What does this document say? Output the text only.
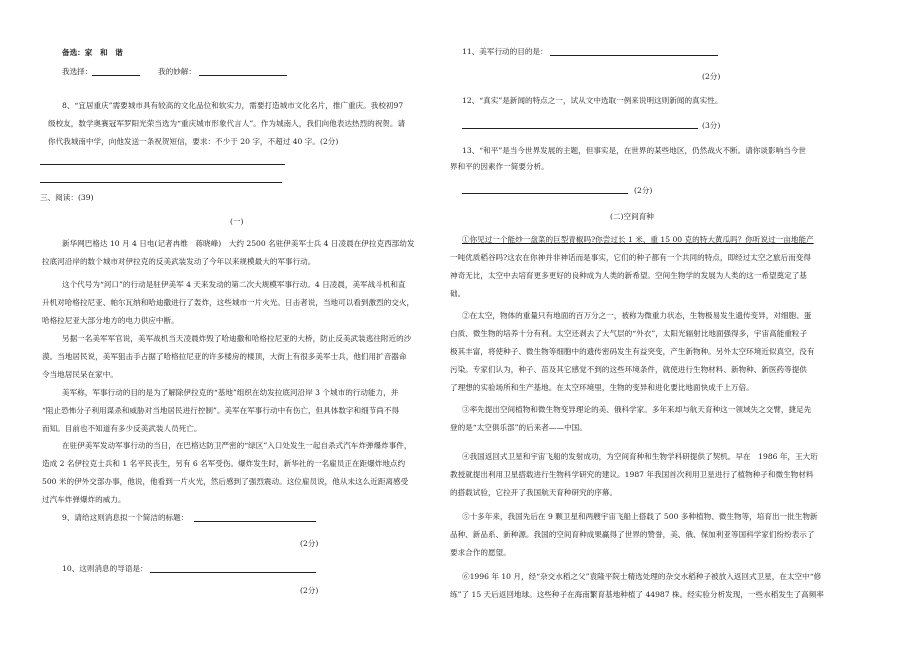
备选：家　和　谐
我选择：	我的妙解：
8、“宜居重庆”需要城市具有较高的文化品位和软实力，需要打造城市文化名片，推广重庆。我校初97
级校友，数学奥赛冠军罗阳光荣当选为“重庆城市形象代言人”。作为城南人，我们向他表达热烈的祝贺。请
你代我城南中学，向他发送一条祝贺短信，要求：不少于 20 字，不超过 40 字。(2分)
三、阅读：(39)
(一)
新华网巴格达 10 月 4 日电(记者冉维　蒋晓峰)　大约 2500 名驻伊美军士兵 4 日凌晨在伊拉克西部幼发
拉底河沿岸的数个城市对伊拉克的反美武装发动了今年以来规模最大的军事行动。
这个代号为“河口”的行动是驻伊美军 4 天来发动的第二次大规模军事行动。4 日凌晨，美军战斗机和直
升机对哈格拉尼亚、帕尔瓦纳和哈迪撒进行了轰炸，这些城市一片火光。日击者说，当地可以看到激烈的交火，
哈格拉尼亚大部分地方的电力供应中断。
另据一名美军军官说，美军战机当天凌晨炸毁了哈迪撒和哈格拉尼亚的大桥，防止反美武装逃往附近的沙
漠。当地居民说，美军狙击手占据了哈格拉尼亚的许多楼房的楼顶，大街上有很多美军士兵，他们用扩音器命
令当地居民呆在家中。
美军称，军事行动的目的是为了解除伊拉克的“基地”组织在幼发拉底河沿岸 3 个城市的行动能力，并
“阻止恐怖分子利用谋杀和威胁对当地居民进行控制”。美军在军事行动中有伤亡，但具体数字和细节尚不得
而知。目前也不知道有多少反美武装人员死亡。
在驻伊美军发动军事行动的当日，在巴格达防卫严密的“绿区”入口处发生一起自杀式汽车炸弹爆炸事件，
造成 2 名伊拉克士兵和 1 名平民丧生，另有 6 名军受伤。爆炸发生时，新华社的一名雇员正在距爆炸地点约
500 米的伊外交部办事，他说，他看到一片火光，然后感到了强烈震动。这位雇员说，他从未这么近距离感受
过汽车炸弹爆炸的威力。
9、请给这则消息拟一个简洁的标题：
(2分)
10、这则消息的导语是：
(2分)
11、美军行动的目的是：
(2分)
12、“真实”是新闻的特点之一，试从文中选取一例来说明这则新闻的真实性。
(3分)
13、“和平”是当今世界发展的主题，但事实是，在世界的某些地区，仍然战火不断。请你谈影响当今世
界和平的因素作一简要分析。
(2分)
(二)空间育种
①你见过一个能炒一盘菜的巨型青椒吗?你尝过长 1 米、重 15 00 克的特大黄瓜吗？你听说过一亩地能产
一吨优质稻谷吗?这农在你神并非神话而是事实，它们的种子都有一个共同的特点，即经过太空之旅后而变得
神奇无比，太空中去培育更多更好的良种成为人类的新希望。空间生物学的发展为人类的这一希望奠定了基
础。
②在太空，物体的重量只有地面的百万分之一，被称为微重力状态，生物极易发生遗传变异，对细胞、蛋
白质、微生物的培养十分有利。太空还剥去了大气层的“外衣”，太阳光辐射比地面强得多，宇宙高能重粒子
极其丰富，将使种子、微生物等细胞中的遗传密码发生有益突变，产生新物种。另外太空环境近似真空，没有
污染。专家们认为，种子、苗及其它感觉不到的这些环境条件，就使进行生物材料、新物种、新医药等提供
了理想的实验场所和生产基地。在太空环境里，生物的变异和进化要比地面快成千上万倍。
③率先提出空间植物和微生物变异理论的美、俄科学家。多年来却与航天育种这一领域失之交臂，捷足先
登的是“太空俱乐部”的后来者——中国。
④我国返回式卫星和宇宙飞船的发射成功，为空间育种和生物学科研提供了契机。早在　1986 年，王大珩
教授就提出利用卫星搭载进行生物科学研究的建议。1987 年我国首次利用卫星进行了植物种子和微生物材料
的搭载试验，它拉开了我国航天育种研究的序幕。
⑤十多年来，我国先后在 9 颗卫星和两艘宇宙飞船上搭载了 500 多种植物、微生物等，培育出一批生物新
品种、新品系、新种源。我国的空间育种成果赢得了世界的赞誉，美、俄、保加利亚等国科学家们纷纷表示了
要求合作的愿望。
⑥1996 年 10 月，经“杂交水稻之父”袁隆平院士精选处理的杂交水稻种子被放入返回式卫星，在太空中“修
练”了 15 天后返回地球。这些种子在海南繁育基地种植了 44987 株。经实验分析发现，一些水稻发生了高频率
